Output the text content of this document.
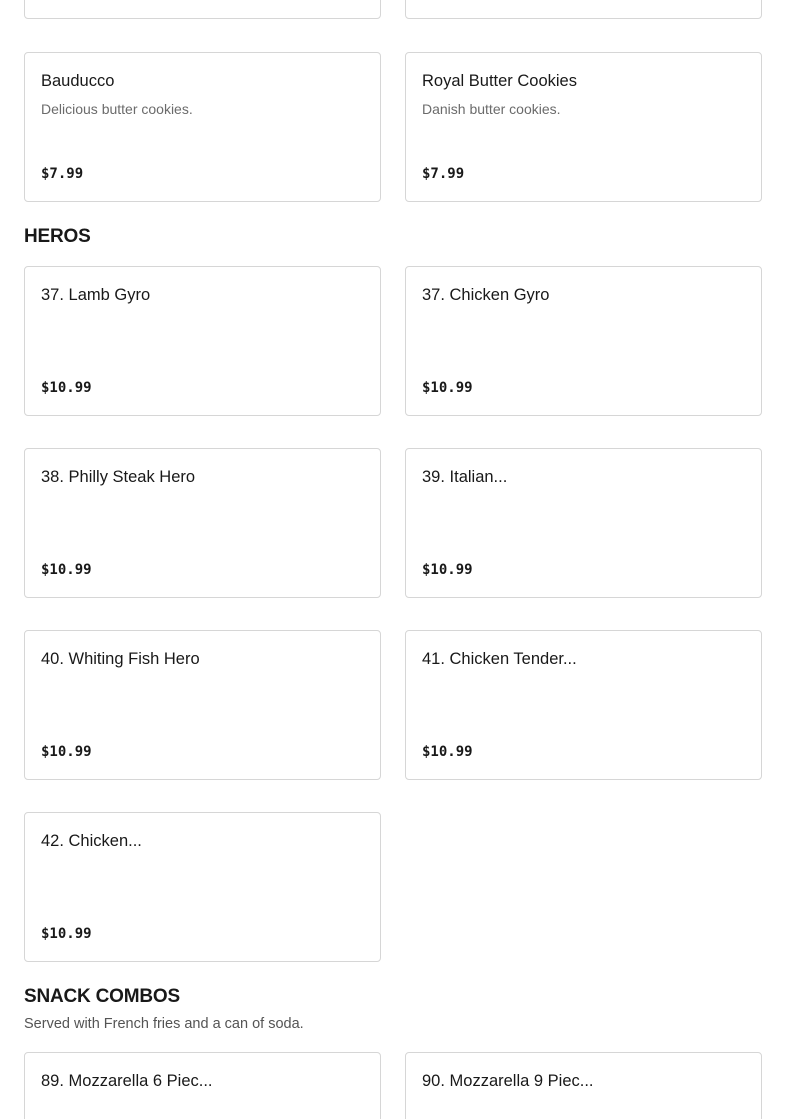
Bauducco
Delicious butter cookies.
$7.99
Royal Butter Cookies
Danish butter cookies.
$7.99
HEROS
37. Lamb Gyro
$10.99
37. Chicken Gyro
$10.99
38. Philly Steak Hero
$10.99
39. Italian...
$10.99
40. Whiting Fish Hero
$10.99
41. Chicken Tender...
$10.99
42. Chicken...
$10.99
SNACK COMBOS
Served with French fries and a can of soda.
89. Mozzarella 6 Piec...	90. Mozzarella 9 Piec...
